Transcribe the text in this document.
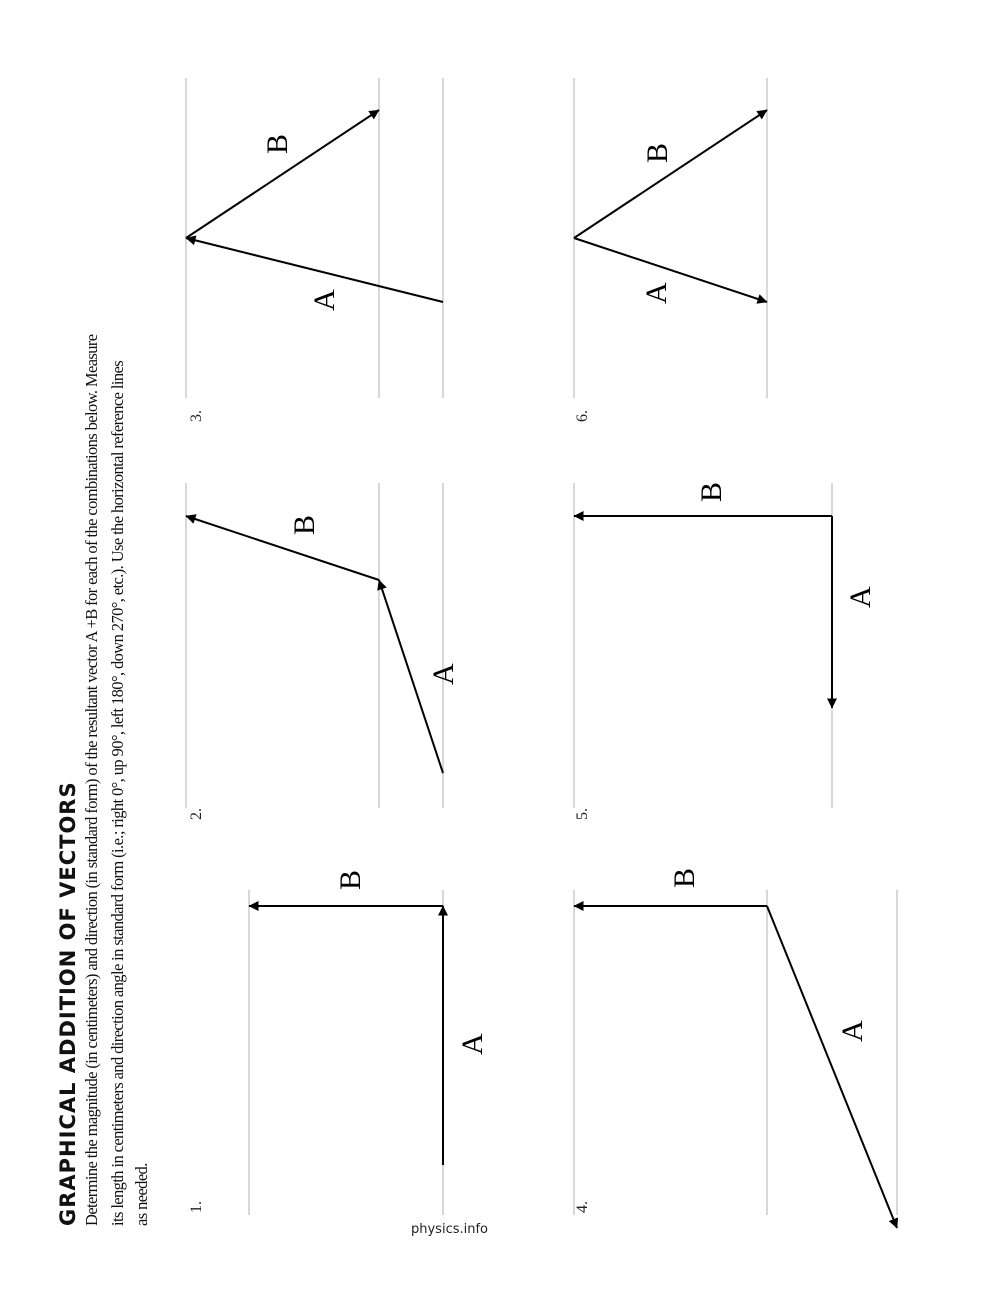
GRAPHICAL ADDITION OF VECTORS Determine the magnitude (in centimeters) and direction (in standard form) of the resultant vector A +B for each of the combinations below. Measure its length in centimeters and direction angle in standard form (i.e.; right 0°, up 90°, left 180°, down 270°, etc.). Use the horizontal reference lines as needed. 1.
2.
3.
4.
5.
6.
physics.info
A
B
A
B
A
B
A
B
A
B
A
B
